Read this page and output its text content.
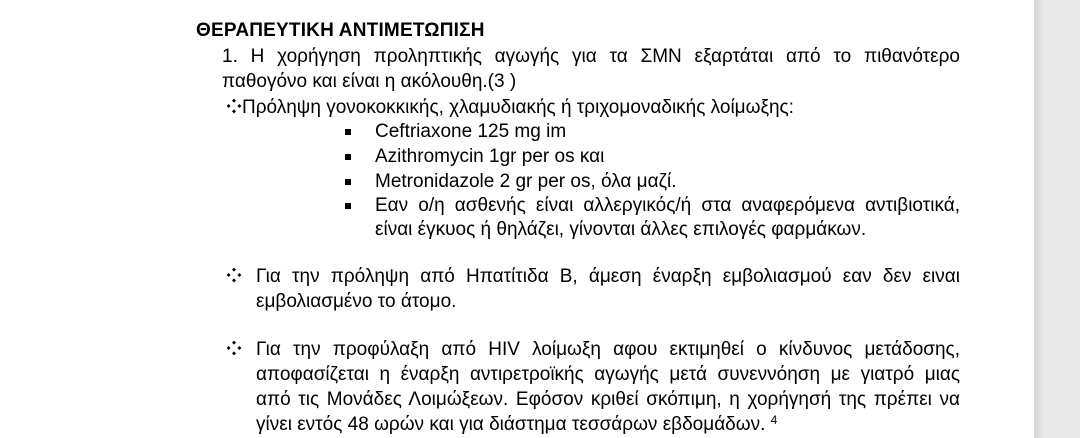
ΘΕΡΑΠΕΥΤΙΚΗ ΑΝΤΙΜΕΤΩΠΙΣΗ
1. Η χορήγηση προληπτικής αγωγής για τα ΣΜΝ εξαρτάται από το πιθανότερο
παθογόνο και είναι η ακόλουθη.(3 )
Πρόληψη γονοκοκκικής, χλαμυδιακής ή τριχομοναδικής λοίμωξης:
Ceftriaxone 125 mg im
Azithromycin 1gr per os και
Metronidazole 2 gr per os, όλα μαζί.
Εαν ο/η ασθενής είναι αλλεργικός/ή στα αναφερόμενα αντιβιοτικά,
είναι έγκυος ή θηλάζει, γίνονται άλλες επιλογές φαρμάκων.
Για την πρόληψη από Ηπατίτιδα Β, άμεση έναρξη εμβολιασμού εαν δεν ειναι
εμβολιασμένο το άτομο.
Για την προφύλαξη από HIV λοίμωξη αφου εκτιμηθεί ο κίνδυνος μετάδοσης,
αποφασίζεται η έναρξη αντιρετροϊκής αγωγής μετά συνεννόηση με γιατρό μιας
από τις Μονάδες Λοιμώξεων. Εφόσον κριθεί σκόπιμη, η χορήγησή της πρέπει να
γίνει εντός 48 ωρών και για διάστημα τεσσάρων εβδομάδων. $^4$
